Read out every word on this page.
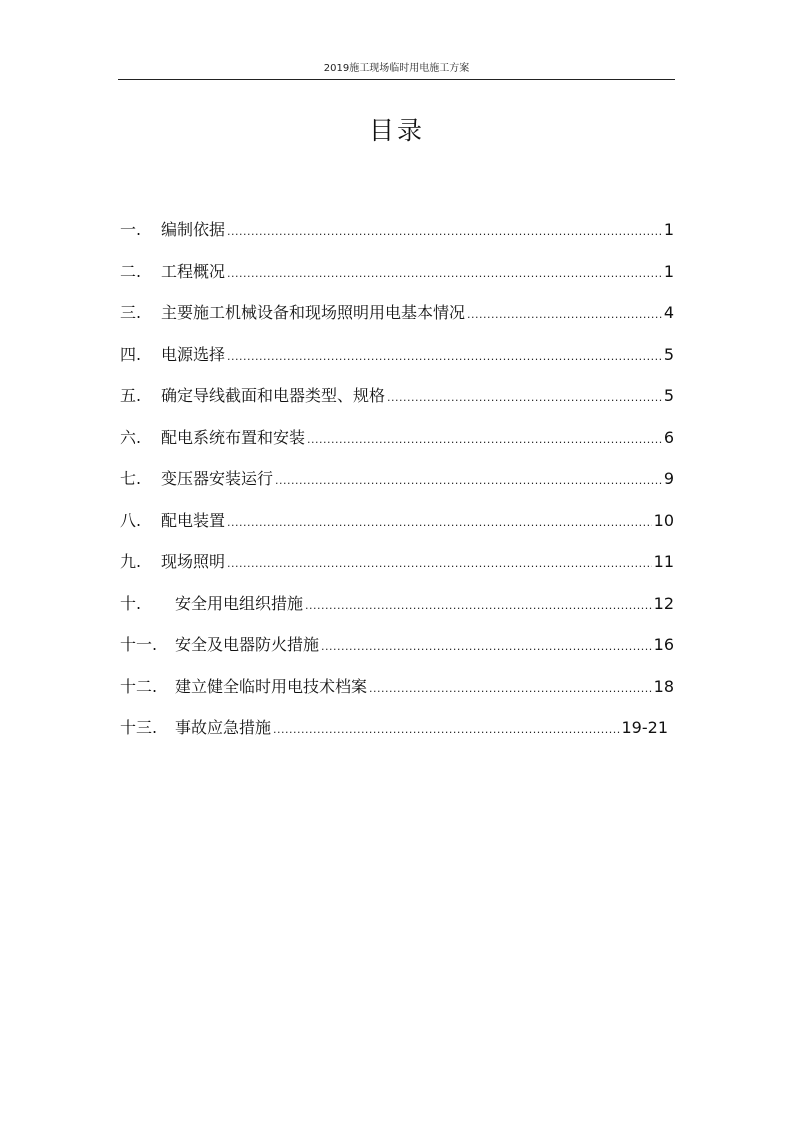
2019施工现场临时用电施工方案
目录
一.	编制依据 .....	1
二.	工程概况 .....	1
三.	主要施工机械设备和现场照明用电基本情况 .....	4
四.	电源选择 .....	5
五.	确定导线截面和电器类型、规格 .....	5
六.	配电系统布置和安装 .....	6
七.	变压器安装运行 .....	9
八.	配电装置 .....	10
九.	现场照明 .....	11
十.	安全用电组织措施 .....	12
十一.	安全及电器防火措施 .....	16
十二.	建立健全临时用电技术档案 .....	18
十三.	事故应急措施 .....	19-21
